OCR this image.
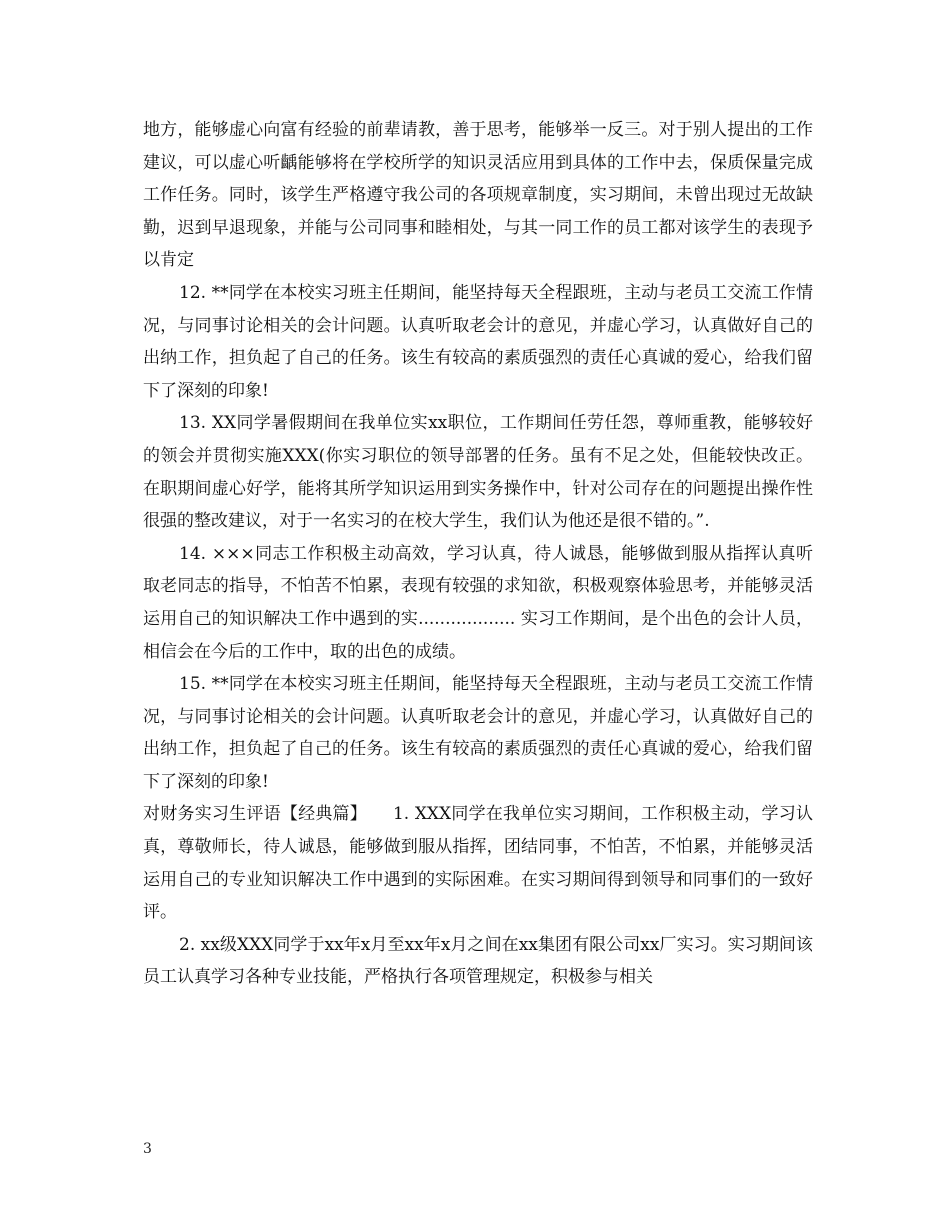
地方，能够虚心向富有经验的前辈请教，善于思考，能够举一反三。对于别人提出的工作建议，可以虚心听齲能够将在学校所学的知识灵活应用到具体的工作中去，保质保量完成工作任务。同时，该学生严格遵守我公司的各项规章制度，实习期间，未曾出现过无故缺勤，迟到早退现象，并能与公司同事和睦相处，与其一同工作的员工都对该学生的表现予以肯定

12. **同学在本校实习班主任期间，能坚持每天全程跟班，主动与老员工交流工作情况，与同事讨论相关的会计问题。认真听取老会计的意见，并虚心学习，认真做好自己的出纳工作，担负起了自己的任务。该生有较高的素质强烈的责任心真诚的爱心，给我们留下了深刻的印象!

13. XX同学暑假期间在我单位实xx职位，工作期间任劳任怨，尊师重教，能够较好的领会并贯彻实施XXX(你实习职位的领导部署的任务。虽有不足之处，但能较快改正。在职期间虚心好学，能将其所学知识运用到实务操作中，针对公司存在的问题提出操作性很强的整改建议，对于一名实习的在校大学生，我们认为他还是很不错的。”.

14. ×××同志工作积极主动高效，学习认真，待人诚恳，能够做到服从指挥认真听取老同志的指导，不怕苦不怕累，表现有较强的求知欲，积极观察体验思考，并能够灵活运用自己的知识解决工作中遇到的实.................. 实习工作期间，是个出色的会计人员，相信会在今后的工作中，取的出色的成绩。

15. **同学在本校实习班主任期间，能坚持每天全程跟班，主动与老员工交流工作情况，与同事讨论相关的会计问题。认真听取老会计的意见，并虚心学习，认真做好自己的出纳工作，担负起了自己的任务。该生有较高的素质强烈的责任心真诚的爱心，给我们留下了深刻的印象!

对财务实习生评语【经典篇】　　1. XXX同学在我单位实习期间，工作积极主动，学习认真，尊敬师长，待人诚恳，能够做到服从指挥，团结同事，不怕苦，不怕累，并能够灵活运用自己的专业知识解决工作中遇到的实际困难。在实习期间得到领导和同事们的一致好评。

2. xx级XXX同学于xx年x月至xx年x月之间在xx集团有限公司xx厂实习。实习期间该员工认真学习各种专业技能，严格执行各项管理规定，积极参与相关

3
